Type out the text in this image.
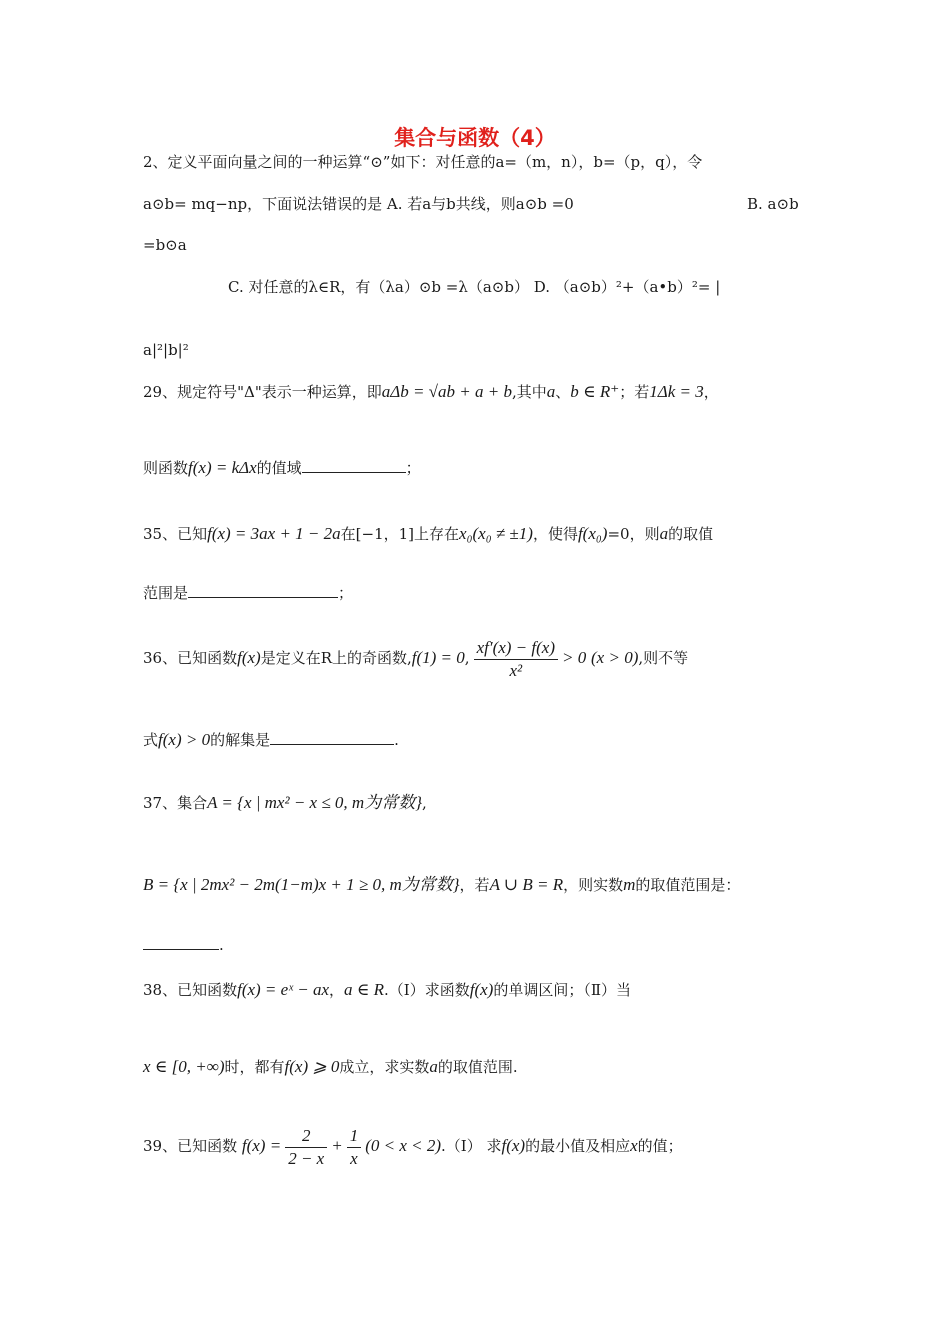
集合与函数（4）
2、定义平面向量之间的一种运算“⊙”如下：对任意的a=（m，n），b=（p，q），令
a⊙b= mq−np，下面说法错误的是 A. 若a与b共线，则a⊙b =0	B. a⊙b
=b⊙a
C. 对任意的λ∈R，有（λa）⊙b =λ（a⊙b） D. （a⊙b）²+（a•b）²= |
a|²|b|²
29、规定符号"Δ"表示一种运算，即aΔb = √ab + a + b,其中a、b ∈ R⁺；若1Δk = 3，
则函数f(x) = kΔx的值域	；
35、已知f(x) = 3ax + 1 − 2a在[−1，1]上存在x₀(x₀ ≠ ±1)，使得f(x₀)=0，则a的取值
范围是	；
36、已知函数f(x)是定义在R上的奇函数,f(1) = 0, $\frac{xf'(x) - f(x)}{\text{x²}} > 0$ (x > 0),则不等
式f(x) > 0的解集是	.
37、集合A = {x | mx² − x ≤ 0, m为常数},
B = {x | 2mx² − 2m(1−m)x + 1 ≥ 0, m为常数}，若A ∪ B = R，则实数m的取值范围是：
.
38、已知函数f(x) = eˣ − ax，a ∈ R.（Ⅰ）求函数f(x)的单调区间；（Ⅱ）当
x ∈ [0, +∞)时，都有f(x) ⩾ 0成立，求实数a的取值范围.
39、已知函数 $f(x) = \frac{2}{2 - x} + \frac{1}{x} (0 < x$ < 2).（Ⅰ） 求f(x)的最小值及相应x的值；
